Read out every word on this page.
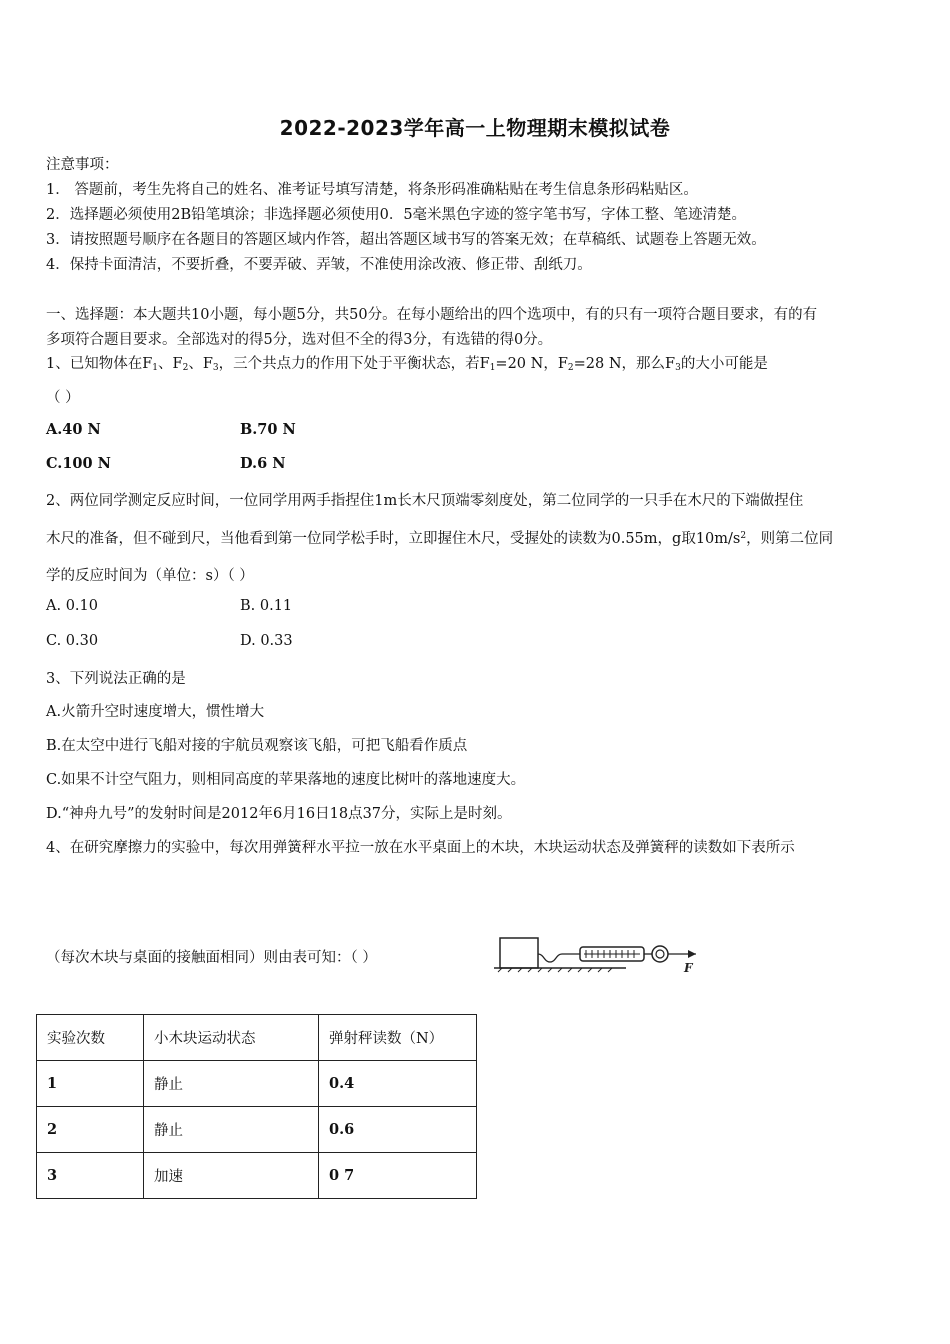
2022-2023学年高一上物理期末模拟试卷
注意事项：
1． 答题前，考生先将自己的姓名、准考证号填写清楚，将条形码准确粘贴在考生信息条形码粘贴区。
2．选择题必须使用2B铅笔填涂；非选择题必须使用0．5毫米黑色字迹的签字笔书写，字体工整、笔迹清楚。
3．请按照题号顺序在各题目的答题区域内作答，超出答题区域书写的答案无效；在草稿纸、试题卷上答题无效。
4．保持卡面清洁，不要折叠，不要弄破、弄皱，不准使用涂改液、修正带、刮纸刀。
一、选择题：本大题共10小题，每小题5分，共50分。在每小题给出的四个选项中，有的只有一项符合题目要求，有的有
多项符合题目要求。全部选对的得5分，选对但不全的得3分，有选错的得0分。
1、已知物体在$F_1$、$F_2$、$F_3$，三个共点力的作用下处于平衡状态，若$F_1=20$ N，$F_2=28$ N，那么$F_3$的大小可能是
（ ）
A.40 N	B.70 N
C.100 N	D.6 N
2、两位同学测定反应时间，一位同学用两手指捏住1m长木尺顶端零刻度处，第二位同学的一只手在木尺的下端做捏住
木尺的准备，但不碰到尺，当他看到第一位同学松手时，立即握住木尺，受握处的读数为0.55m，g取$10m/s^2$，则第二位同
学的反应时间为（单位：s）（ ）
A. 0.10	B. 0.11
C. 0.30	D. 0.33
3、下列说法正确的是
A.火箭升空时速度增大，惯性增大
B.在太空中进行飞船对接的宇航员观察该飞船，可把飞船看作质点
C.如果不计空气阻力，则相同高度的苹果落地的速度比树叶的落地速度大。
D.“神舟九号”的发射时间是2012年6月16日18点37分，实际上是时刻。
4、在研究摩擦力的实验中，每次用弹簧秤水平拉一放在水平桌面上的木块，木块运动状态及弹簧秤的读数如下表所示
（每次木块与桌面的接触面相同）则由表可知：（ ）
F
实验次数	小木块运动状态	弹射秤读数（N）
1	静止	0.4
2	静止	0.6
3	加速	0 7
